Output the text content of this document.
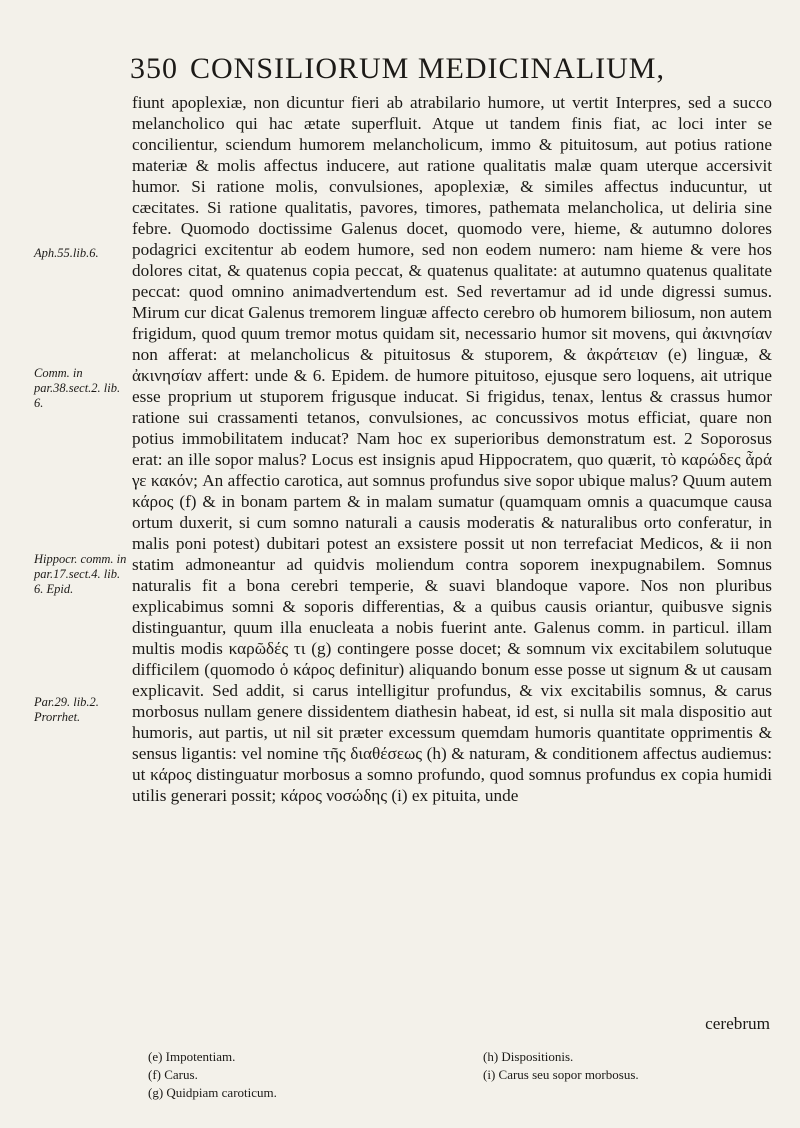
350 CONSILIORUM MEDICINALIUM,
Aph.55.lib.6.
Comm. in par.38.sect.2. lib. 6.
Hippocr. comm. in par.17.sect.4. lib. 6. Epid.
Par.29. lib.2. Prorrhet.

fiunt apoplexiæ, non dicuntur fieri ab atrabilario humore, ut vertit Interpres, sed a succo melancholico qui hac ætate superfluit. Atque ut tandem finis fiat, ac loci inter se concilientur, sciendum humorem melancholicum, immo & pituitosum, aut potius ratione materiæ & molis affectus inducere, aut ratione qualitatis malæ quam uterque accersivit humor. Si ratione molis, convulsiones, apoplexiæ, & similes affectus inducuntur, ut cæcitates. Si ratione qualitatis, pavores, timores, pathemata melancholica, ut deliria sine febre. Quomodo doctissime Galenus docet, quomodo vere, hieme, & autumno dolores podagrici excitentur ab eodem humore, sed non eodem numero: nam hieme & vere hos dolores citat, & quatenus copia peccat, & quatenus qualitate: at autumno quatenus qualitate peccat: quod omnino animadvertendum est. Sed revertamur ad id unde digressi sumus. Mirum cur dicat Galenus tremorem linguæ affecto cerebro ob humorem biliosum, non autem frigidum, quod quum tremor motus quidam sit, necessario humor sit movens, qui ἀκινησίαν non afferat: at melancholicus & pituitosus & stuporem, & ἀκράτειαν (e) linguæ, & ἀκινησίαν affert: unde & 6. Epidem. de humore pituitoso, ejusque sero loquens, ait utrique esse proprium ut stuporem frigusque inducat. Si frigidus, tenax, lentus & crassus humor ratione sui crassamenti tetanos, convulsiones, ac concussivos motus efficiat, quare non potius immobilitatem inducat? Nam hoc ex superioribus demonstratum est. 2 Soporosus erat: an ille sopor malus? Locus est insignis apud Hippocratem, quo quærit, τὸ καρώδες ἆρά γε κακόν; An affectio carotica, aut somnus profundus sive sopor ubique malus? Quum autem κάρος (f) & in bonam partem & in malam sumatur (quamquam omnis a quacumque causa ortum duxerit, si cum somno naturali a causis moderatis & naturalibus orto conferatur, in malis poni potest) dubitari potest an exsistere possit ut non terrefaciat Medicos, & ii non statim admoneantur ad quidvis moliendum contra soporem inexpugnabilem. Somnus naturalis fit a bona cerebri temperie, & suavi blandoque vapore. Nos non pluribus explicabimus somni & soporis differentias, & a quibus causis oriantur, quibusve signis distinguantur, quum illa enucleata a nobis fuerint ante. Galenus comm. in particul. illam multis modis καρῶδές τι (g) contingere posse docet; & somnum vix excitabilem solutuque difficilem (quomodo ὁ κάρος definitur) aliquando bonum esse posse ut signum & ut causam explicavit. Sed addit, si carus intelligitur profundus, & vix excitabilis somnus, & carus morbosus nullam genere dissidentem diathesin habeat, id est, si nulla sit mala dispositio aut humoris, aut partis, ut nil sit præter excessum quemdam humoris quantitate opprimentis & sensus ligantis: vel nomine τῆς διαθέσεως (h) & naturam, & conditionem affectus audiemus: ut κάρος distinguatur morbosus a somno profundo, quod somnus profundus ex copia humidi utilis generari possit; κάρος νοσώδης (i) ex pituita, unde

cerebrum
(e) Impotentiam.
(f) Carus.
(g) Quidpiam caroticum.
(h) Dispositionis.
(i) Carus seu sopor morbosus.
